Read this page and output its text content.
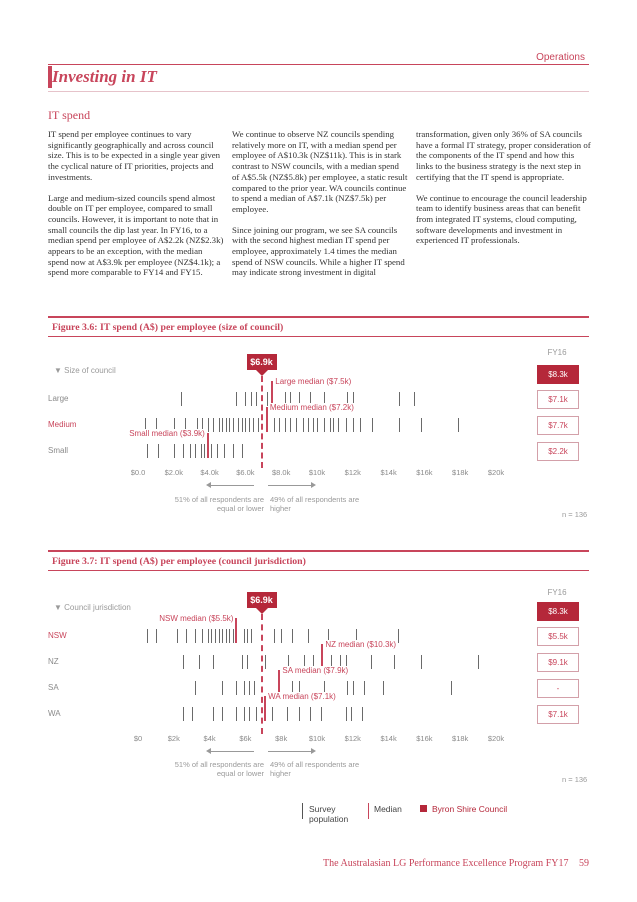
Operations
Investing in IT
IT spend

IT spend per employee continues to vary significantly geographically and across council size. This is to be expected in a single year given the cyclical nature of IT priorities, projects and investments.

Large and medium-sized councils spend almost double on IT per employee, compared to small councils. However, it is important to note that in small councils the dip last year. In FY16, to a median spend per employee of A$2.2k (NZ$2.3k) appears to be an exception, with the median spend now at A$3.9k per employee (NZ$4.1k); a spend more comparable to FY14 and FY15.

We continue to observe NZ councils spending relatively more on IT, with a median spend per employee of A$10.3k (NZ$11k). This is in stark contrast to NSW councils, with a median spend of A$5.5k (NZ$5.8k) per employee, a static result compared to the prior year. WA councils continue to spend a median of A$7.1k (NZ$7.5k) per employee.

Since joining our program, we see SA councils with the second highest median IT spend per employee, approximately 1.4 times the median spend of NSW councils. While a higher IT spend may indicate strong investment in digital

transformation, given only 36% of SA councils have a formal IT strategy, proper consideration of the components of the IT spend and how this links to the business strategy is the next step in certifying that the IT spend is appropriate.

We continue to encourage the council leadership team to identify business areas that can benefit from integrated IT systems, cloud computing, software developments and investment in experienced IT professionals.

Figure 3.6: IT spend (A$) per employee (size of council)
FY16
$8.3k
▼ Size of council
51% of all respondents are equal or lower
49% of all respondents are higher
n = 136
$6.9k
Large
Large median ($7.5k)
$7.1k
Medium
Medium median ($7.2k)
$7.7k
Small
Small median ($3.9k)
$2.2k
$0.0	$2.0k	$4.0k	$6.0k	$8.0k	$10k	$12k	$14k	$16k	$18k	$20k
Figure 3.7: IT spend (A$) per employee (council jurisdiction)
FY16
$8.3k
▼ Council jurisdiction
51% of all respondents are equal or lower
49% of all respondents are higher
n = 136
$6.9k
NSW
NSW median ($5.5k)
$5.5k
NZ
NZ median ($10.3k)
$9.1k
SA
SA median ($7.9k)
-
WA
WA median ($7.1k)
$7.1k
$0	$2k	$4k	$6k	$8k	$10k	$12k	$14k	$16k	$18k	$20k
Survey population
Median	Byron Shire Council
The Australasian LG Performance Excellence Program FY17 59
